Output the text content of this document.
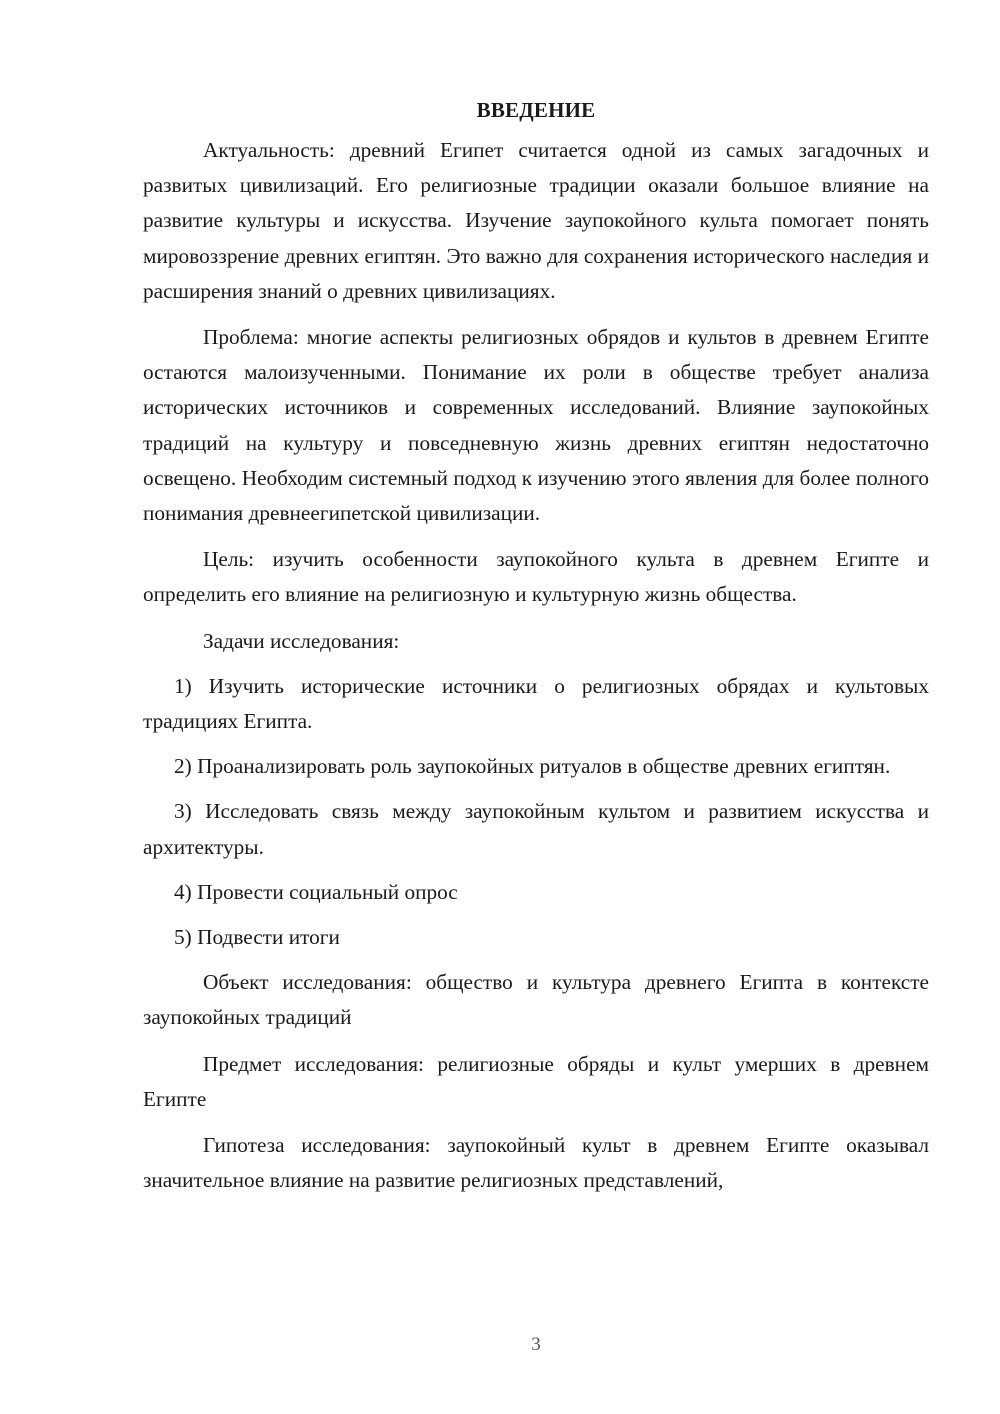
ВВЕДЕНИЕ

Актуальность: древний Египет считается одной из самых загадочных и развитых цивилизаций. Его религиозные традиции оказали большое влияние на развитие культуры и искусства. Изучение заупокойного культа помогает понять мировоззрение древних египтян. Это важно для сохранения исторического наследия и расширения знаний о древних цивилизациях.

Проблема: многие аспекты религиозных обрядов и культов в древнем Египте остаются малоизученными. Понимание их роли в обществе требует анализа исторических источников и современных исследований. Влияние заупокойных традиций на культуру и повседневную жизнь древних египтян недостаточно освещено. Необходим системный подход к изучению этого явления для более полного понимания древнеегипетской цивилизации.

Цель: изучить особенности заупокойного культа в древнем Египте и определить его влияние на религиозную и культурную жизнь общества.

Задачи исследования:

1) Изучить исторические источники о религиозных обрядах и культовых традициях Египта.

2) Проанализировать роль заупокойных ритуалов в обществе древних египтян.

3) Исследовать связь между заупокойным культом и развитием искусства и архитектуры.

4) Провести социальный опрос

5) Подвести итоги

Объект исследования: общество и культура древнего Египта в контексте заупокойных традиций

Предмет исследования: религиозные обряды и культ умерших в древнем Египте

Гипотеза исследования: заупокойный культ в древнем Египте оказывал значительное влияние на развитие религиозных представлений,

3
